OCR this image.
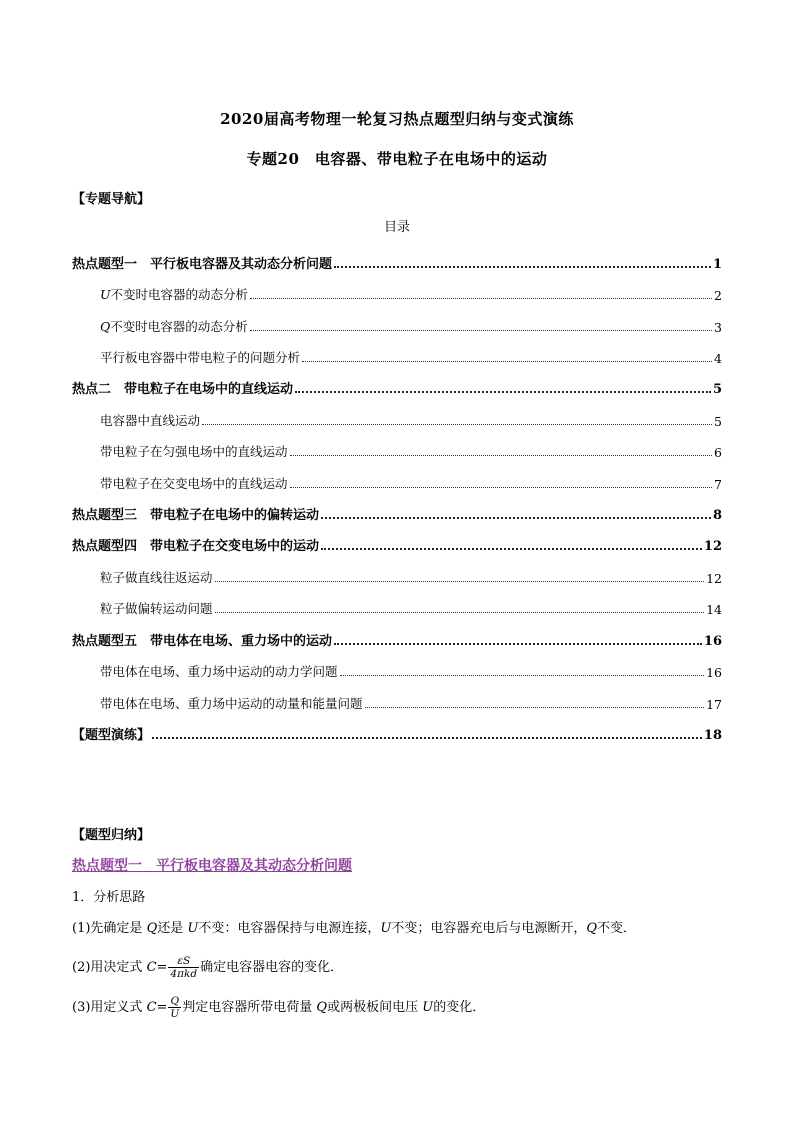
2020届高考物理一轮复习热点题型归纳与变式演练
专题20　电容器、带电粒子在电场中的运动
【专题导航】
目录
热点题型一　平行板电容器及其动态分析问题	1
U不变时电容器的动态分析	2
Q不变时电容器的动态分析	3
平行板电容器中带电粒子的问题分析	4
热点二　带电粒子在电场中的直线运动	5
电容器中直线运动	5
带电粒子在匀强电场中的直线运动	6
带电粒子在交变电场中的直线运动	7
热点题型三　带电粒子在电场中的偏转运动	8
热点题型四　带电粒子在交变电场中的运动	12
粒子做直线往返运动	12
粒子做偏转运动问题	14
热点题型五　带电体在电场、重力场中的运动	16
带电体在电场、重力场中运动的动力学问题	16
带电体在电场、重力场中运动的动量和能量问题	17
【题型演练】	18
【题型归纳】
热点题型一　平行板电容器及其动态分析问题
1．分析思路
(1)先确定是 Q还是 U不变：电容器保持与电源连接，U不变；电容器充电后与电源断开，Q不变．
(2)用决定式 $C= \frac{\varepsilon S}{\text{4πkd}}$ 确定电容器电容的变化．
(3)用定义式 $C= \frac{Q}{U}$ 判定电容器所带电荷量 Q或两极板间电压 U的变化．
